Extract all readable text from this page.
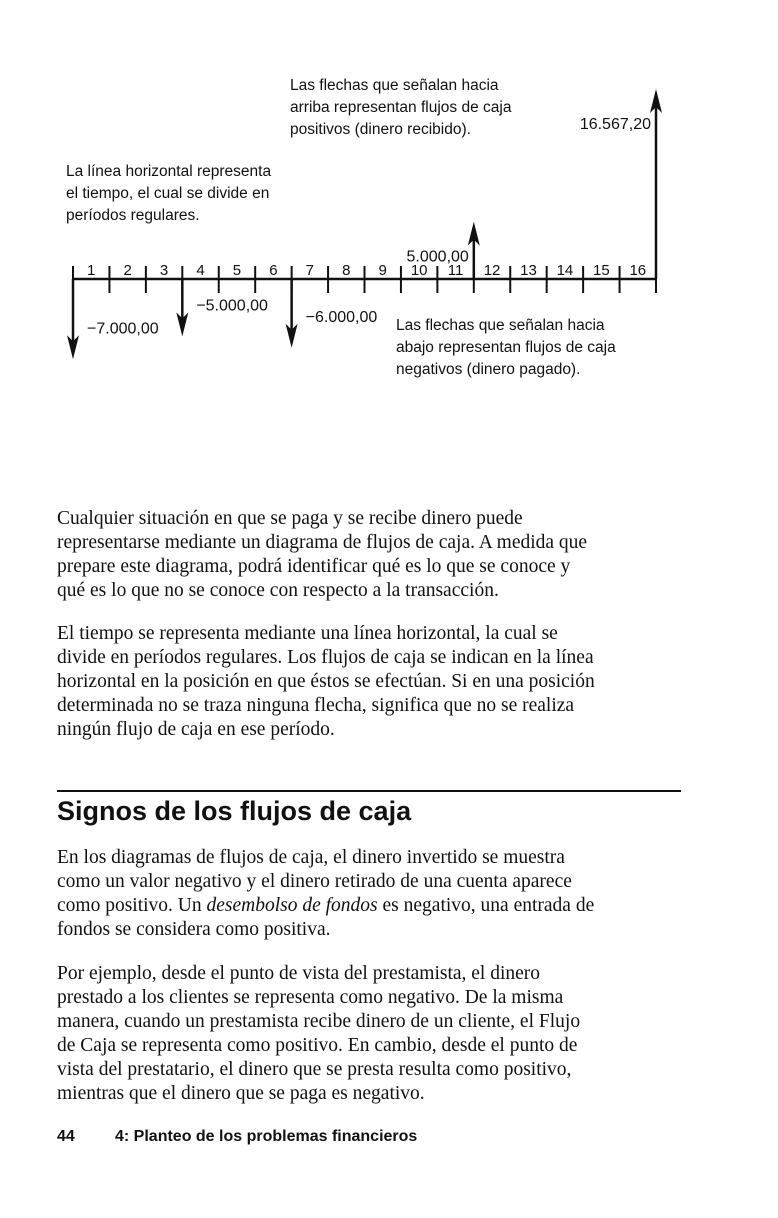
1 2 3 4 5 6 7 8 9 10 11 12 13 14 15 16
−7.000,00
−5.000,00
−6.000,00
5.000,00
16.567,20
Las flechas que señalan hacia arriba representan flujos de caja positivos (dinero recibido).
La línea horizontal representa el tiempo, el cual se divide en períodos regulares.
Las flechas que señalan hacia abajo representan flujos de caja negativos (dinero pagado).

Cualquier situación en que se paga y se recibe dinero puede
representarse mediante un diagrama de flujos de caja. A medida que
prepare este diagrama, podrá identificar qué es lo que se conoce y
qué es lo que no se conoce con respecto a la transacción.

El tiempo se representa mediante una línea horizontal, la cual se
divide en períodos regulares. Los flujos de caja se indican en la línea
horizontal en la posición en que éstos se efectúan. Si en una posición
determinada no se traza ninguna flecha, significa que no se realiza
ningún flujo de caja en ese período.

Signos de los flujos de caja

En los diagramas de flujos de caja, el dinero invertido se muestra
como un valor negativo y el dinero retirado de una cuenta aparece
como positivo. Un desembolso de fondos es negativo, una entrada de
fondos se considera como positiva.

Por ejemplo, desde el punto de vista del prestamista, el dinero
prestado a los clientes se representa como negativo. De la misma
manera, cuando un prestamista recibe dinero de un cliente, el Flujo
de Caja se representa como positivo. En cambio, desde el punto de
vista del prestatario, el dinero que se presta resulta como positivo,
mientras que el dinero que se paga es negativo.

44	4: Planteo de los problemas financieros
